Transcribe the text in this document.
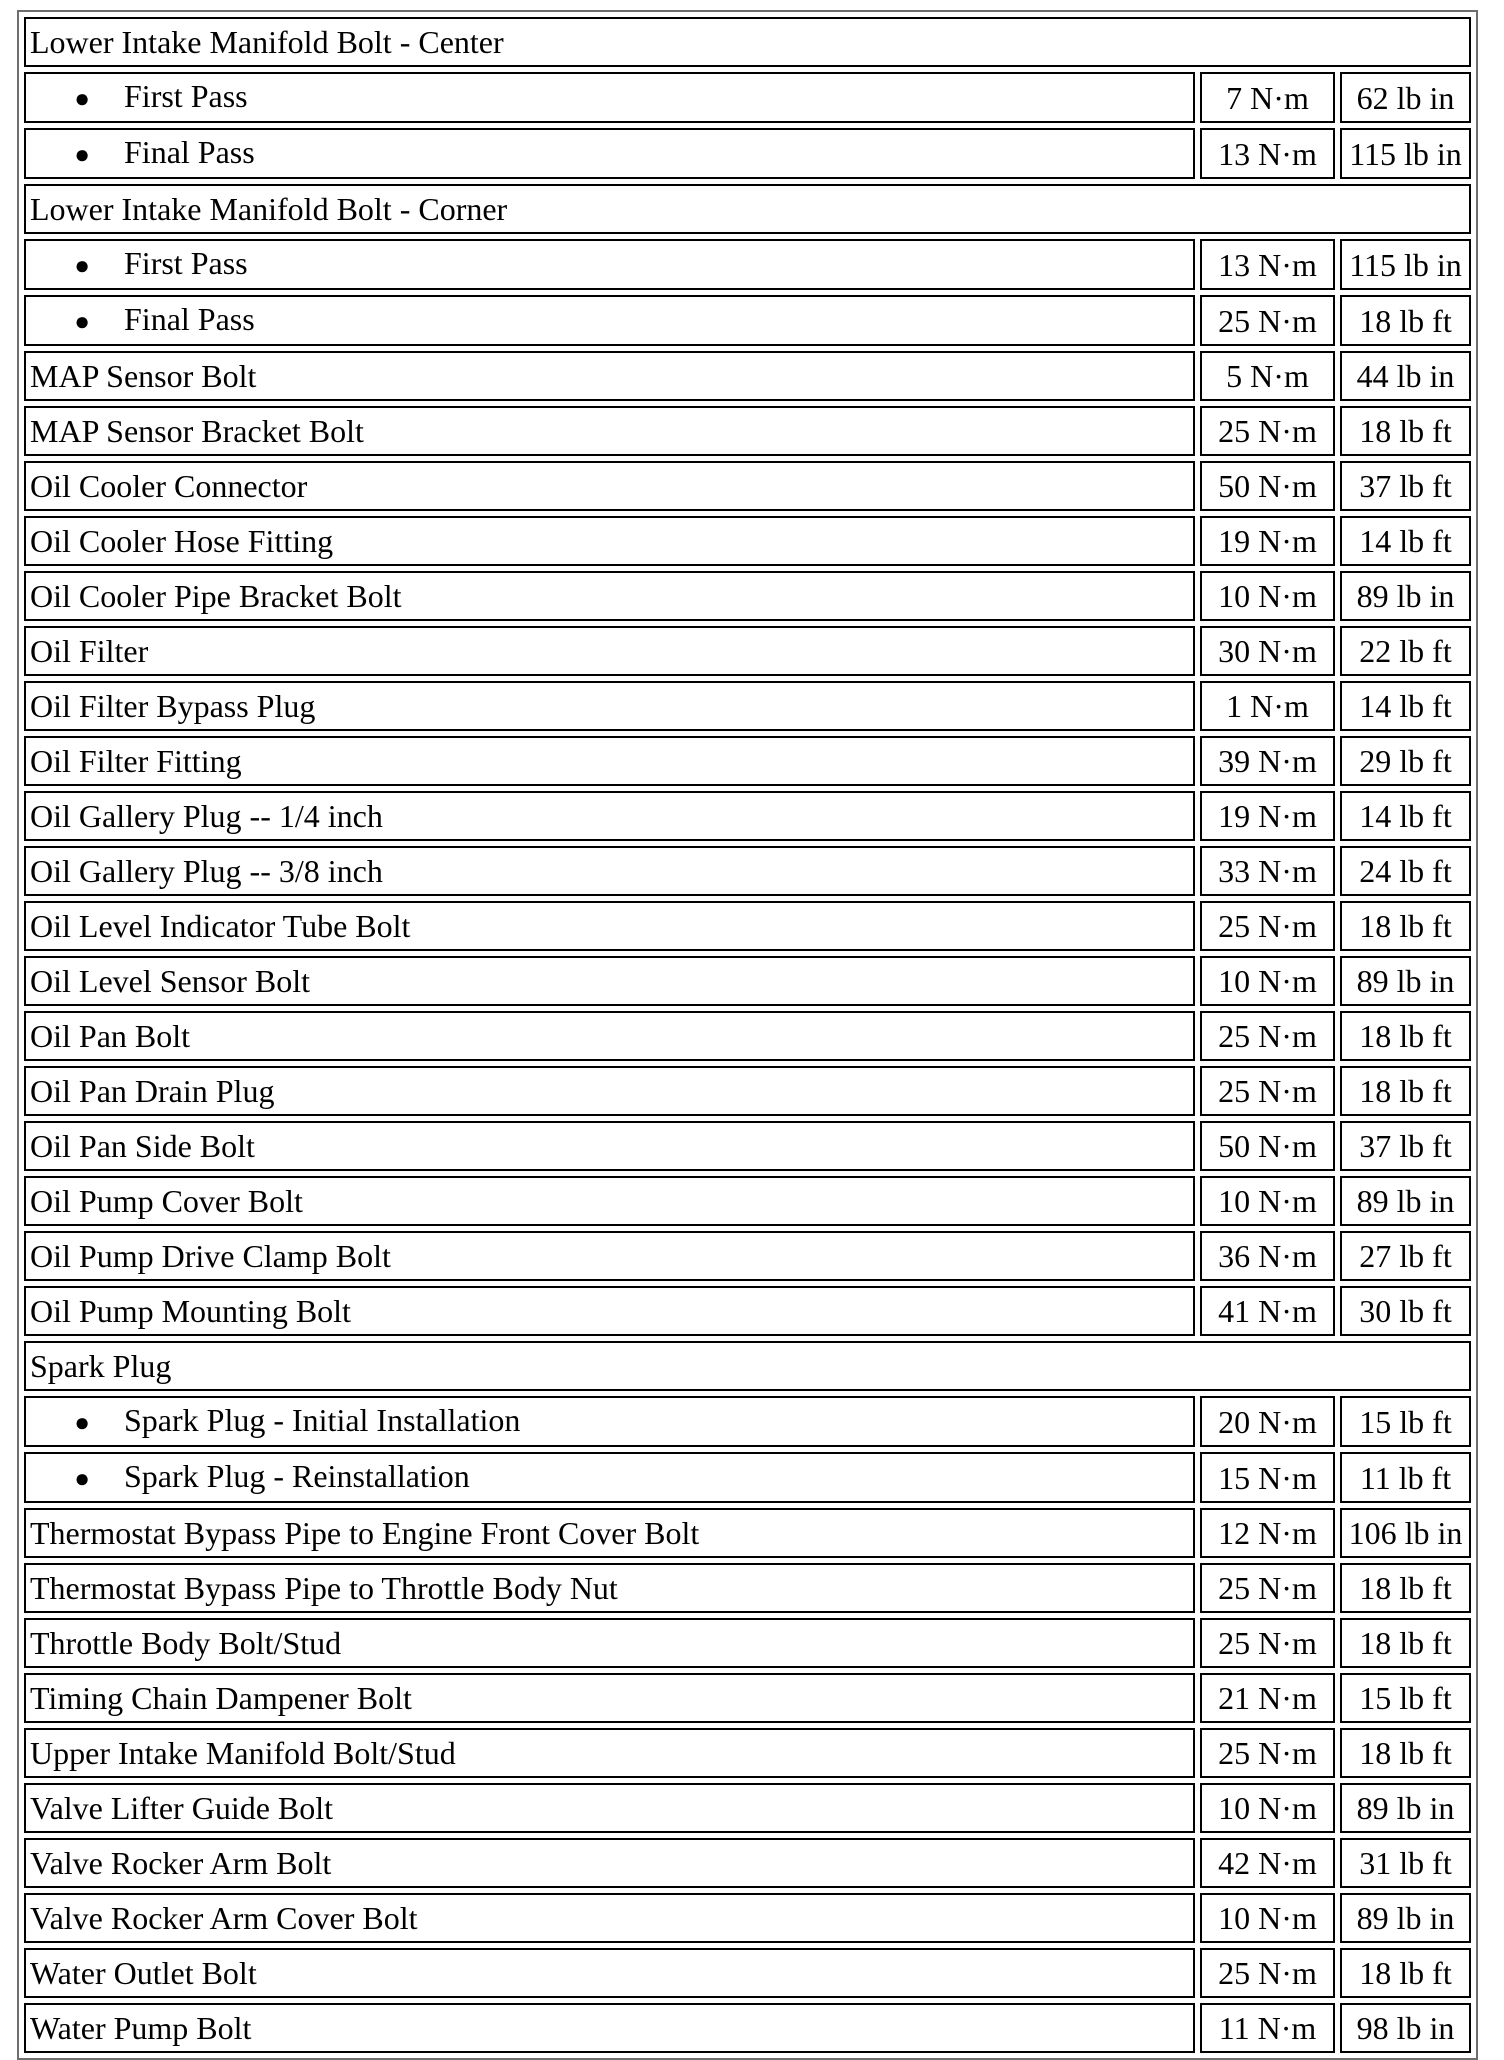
Lower Intake Manifold Bolt - Center		
● First Pass	7 N·m	62 lb in
● Final Pass	13 N·m	115 lb in
Lower Intake Manifold Bolt - Corner		
● First Pass	13 N·m	115 lb in
● Final Pass	25 N·m	18 lb ft
MAP Sensor Bolt	5 N·m	44 lb in
MAP Sensor Bracket Bolt	25 N·m	18 lb ft
Oil Cooler Connector	50 N·m	37 lb ft
Oil Cooler Hose Fitting	19 N·m	14 lb ft
Oil Cooler Pipe Bracket Bolt	10 N·m	89 lb in
Oil Filter	30 N·m	22 lb ft
Oil Filter Bypass Plug	1 N·m	14 lb ft
Oil Filter Fitting	39 N·m	29 lb ft
Oil Gallery Plug -- 1/4 inch	19 N·m	14 lb ft
Oil Gallery Plug -- 3/8 inch	33 N·m	24 lb ft
Oil Level Indicator Tube Bolt	25 N·m	18 lb ft
Oil Level Sensor Bolt	10 N·m	89 lb in
Oil Pan Bolt	25 N·m	18 lb ft
Oil Pan Drain Plug	25 N·m	18 lb ft
Oil Pan Side Bolt	50 N·m	37 lb ft
Oil Pump Cover Bolt	10 N·m	89 lb in
Oil Pump Drive Clamp Bolt	36 N·m	27 lb ft
Oil Pump Mounting Bolt	41 N·m	30 lb ft
Spark Plug		
● Spark Plug - Initial Installation	20 N·m	15 lb ft
● Spark Plug - Reinstallation	15 N·m	11 lb ft
Thermostat Bypass Pipe to Engine Front Cover Bolt	12 N·m	106 lb in
Thermostat Bypass Pipe to Throttle Body Nut	25 N·m	18 lb ft
Throttle Body Bolt/Stud	25 N·m	18 lb ft
Timing Chain Dampener Bolt	21 N·m	15 lb ft
Upper Intake Manifold Bolt/Stud	25 N·m	18 lb ft
Valve Lifter Guide Bolt	10 N·m	89 lb in
Valve Rocker Arm Bolt	42 N·m	31 lb ft
Valve Rocker Arm Cover Bolt	10 N·m	89 lb in
Water Outlet Bolt	25 N·m	18 lb ft
Water Pump Bolt	11 N·m	98 lb in
